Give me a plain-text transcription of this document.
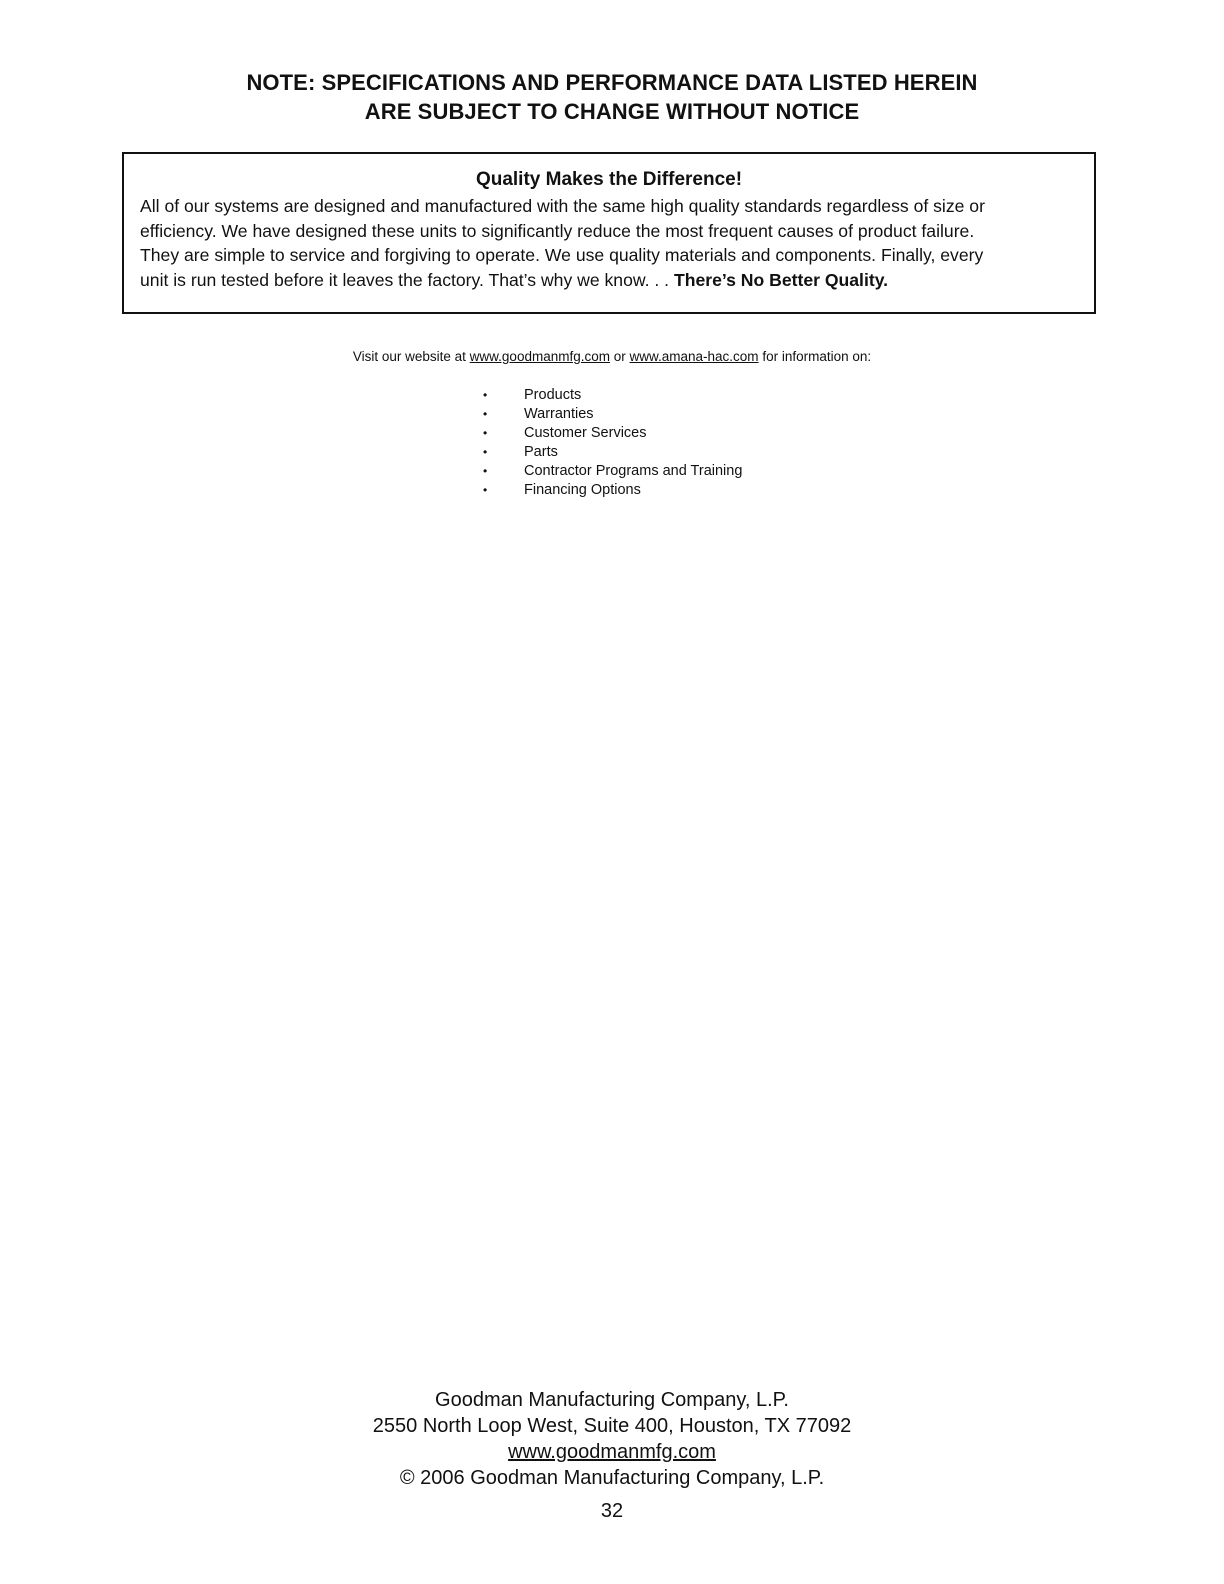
NOTE: SPECIFICATIONS AND PERFORMANCE DATA LISTED HEREIN
ARE SUBJECT TO CHANGE WITHOUT NOTICE
Quality Makes the Difference!
All of our systems are designed and manufactured with the same high quality standards regardless of size or
efficiency. We have designed these units to significantly reduce the most frequent causes of product failure.
They are simple to service and forgiving to operate. We use quality materials and components. Finally, every
unit is run tested before it leaves the factory. That’s why we know. . . There’s No Better Quality.
Visit our website at www.goodmanmfg.com or www.amana-hac.com for information on:
•	Products
•	Warranties
•	Customer Services
•	Parts
•	Contractor Programs and Training
•	Financing Options
Goodman Manufacturing Company, L.P.
2550 North Loop West, Suite 400, Houston, TX 77092
www.goodmanmfg.com
© 2006 Goodman Manufacturing Company, L.P.
32
